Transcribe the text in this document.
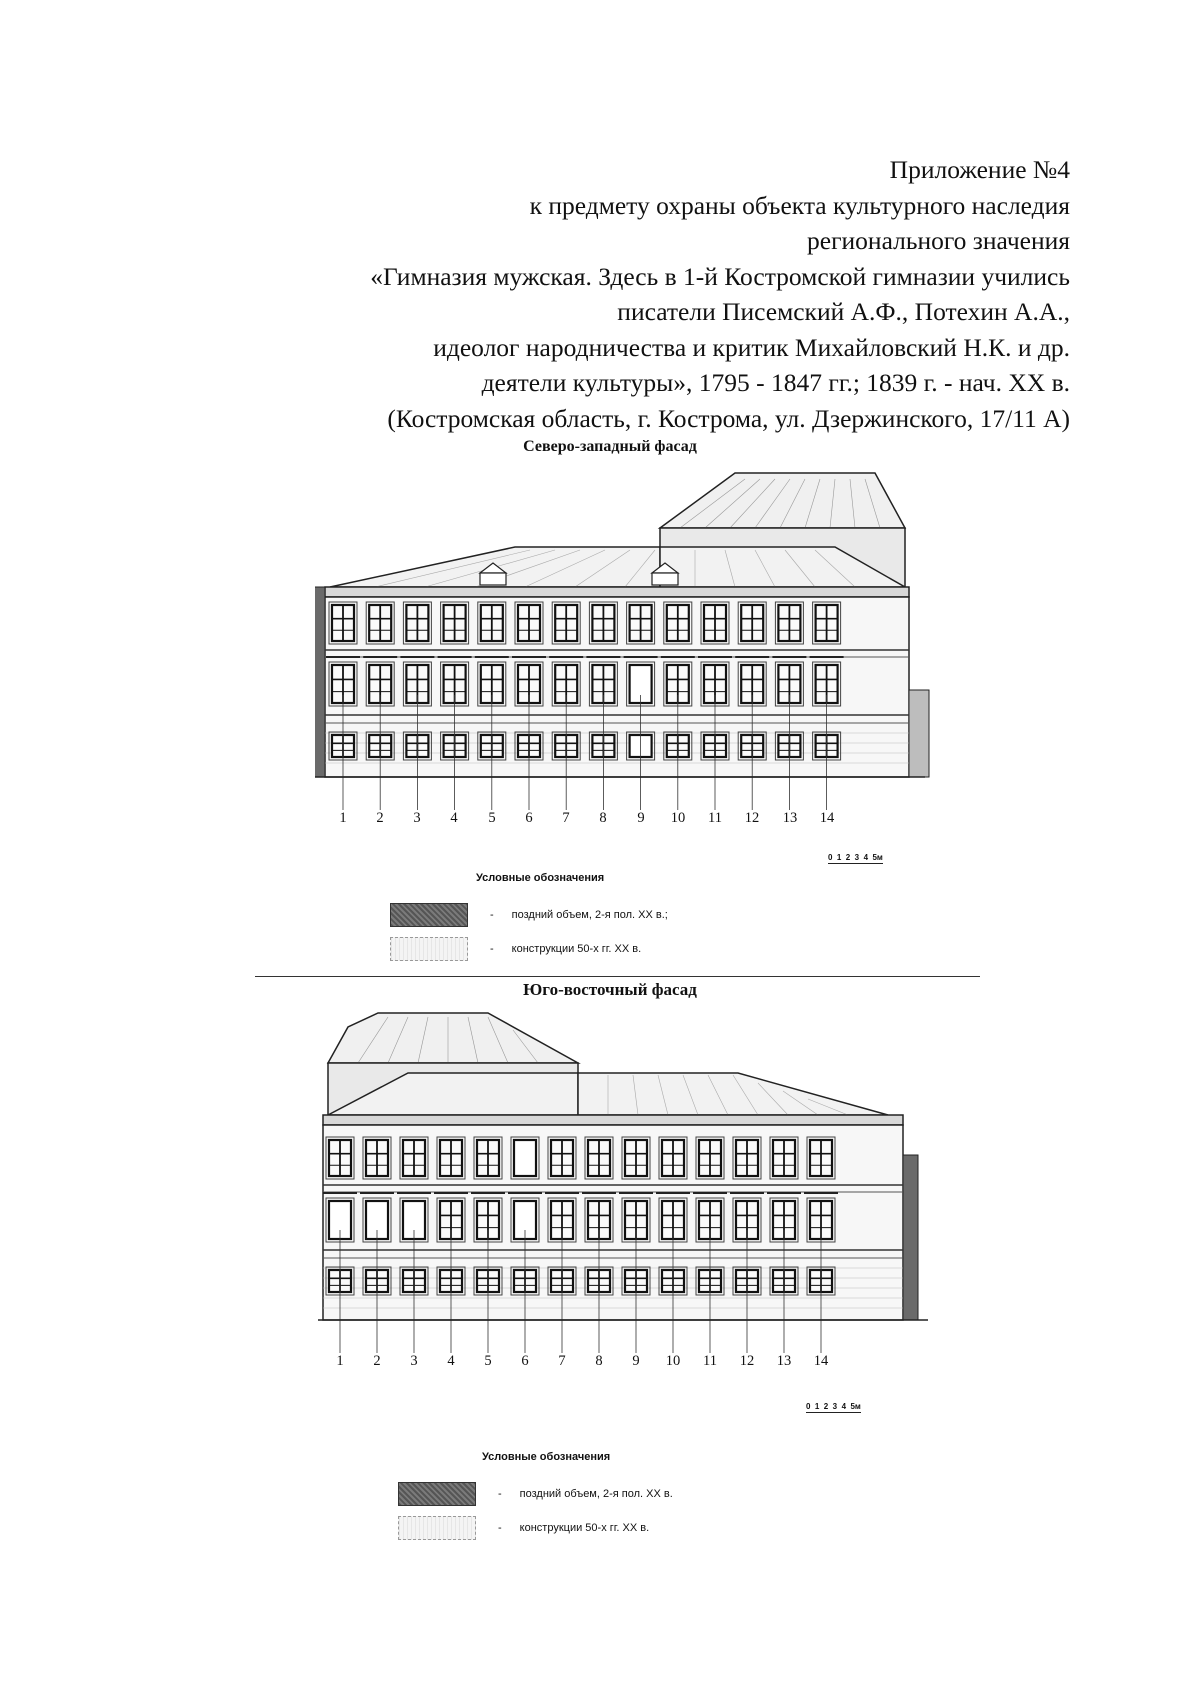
Приложение №4
к предмету охраны объекта культурного наследия
регионального значения
«Гимназия мужская. Здесь в 1-й Костромской гимназии учились
писатели Писемский А.Ф., Потехин А.А.,
идеолог народничества и критик Михайловский Н.К. и др.
деятели культуры», 1795 - 1847 гг.; 1839 г. - нач. XX в.
(Костромская область, г. Кострома, ул. Дзержинского, 17/11 А)
Северо-западный фасад
1 2 3 4 5 6 7 8 9 10 11 12 13 14
0  1  2  3  4  5м
Условные обозначения
- поздний объем, 2-я пол. XX в.;
- конструкции 50-х гг. XX в.
Юго-восточный фасад
1 2 3 4 5 6 7 8 9 10 11 12 13 14
0  1  2  3  4  5м
Условные обозначения
- поздний объем, 2-я пол. XX в.
- конструкции 50-х гг. XX в.
